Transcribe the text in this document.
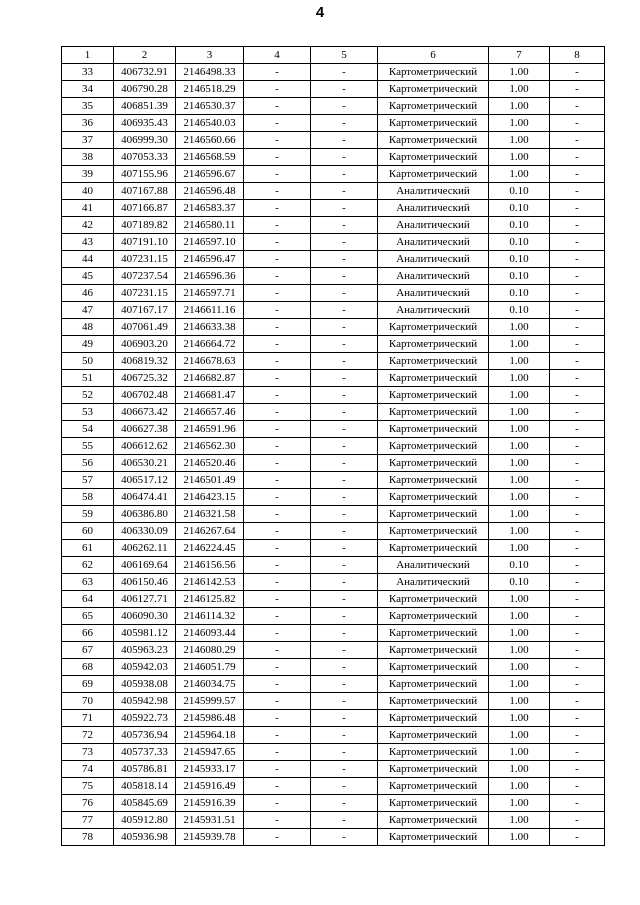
4
1	2	3	4	5	6	7	8
33	406732.91	2146498.33	-	-	Картометрический	1.00	-
34	406790.28	2146518.29	-	-	Картометрический	1.00	-
35	406851.39	2146530.37	-	-	Картометрический	1.00	-
36	406935.43	2146540.03	-	-	Картометрический	1.00	-
37	406999.30	2146560.66	-	-	Картометрический	1.00	-
38	407053.33	2146568.59	-	-	Картометрический	1.00	-
39	407155.96	2146596.67	-	-	Картометрический	1.00	-
40	407167.88	2146596.48	-	-	Аналитический	0.10	-
41	407166.87	2146583.37	-	-	Аналитический	0.10	-
42	407189.82	2146580.11	-	-	Аналитический	0.10	-
43	407191.10	2146597.10	-	-	Аналитический	0.10	-
44	407231.15	2146596.47	-	-	Аналитический	0.10	-
45	407237.54	2146596.36	-	-	Аналитический	0.10	-
46	407231.15	2146597.71	-	-	Аналитический	0.10	-
47	407167.17	2146611.16	-	-	Аналитический	0.10	-
48	407061.49	2146633.38	-	-	Картометрический	1.00	-
49	406903.20	2146664.72	-	-	Картометрический	1.00	-
50	406819.32	2146678.63	-	-	Картометрический	1.00	-
51	406725.32	2146682.87	-	-	Картометрический	1.00	-
52	406702.48	2146681.47	-	-	Картометрический	1.00	-
53	406673.42	2146657.46	-	-	Картометрический	1.00	-
54	406627.38	2146591.96	-	-	Картометрический	1.00	-
55	406612.62	2146562.30	-	-	Картометрический	1.00	-
56	406530.21	2146520.46	-	-	Картометрический	1.00	-
57	406517.12	2146501.49	-	-	Картометрический	1.00	-
58	406474.41	2146423.15	-	-	Картометрический	1.00	-
59	406386.80	2146321.58	-	-	Картометрический	1.00	-
60	406330.09	2146267.64	-	-	Картометрический	1.00	-
61	406262.11	2146224.45	-	-	Картометрический	1.00	-
62	406169.64	2146156.56	-	-	Аналитический	0.10	-
63	406150.46	2146142.53	-	-	Аналитический	0.10	-
64	406127.71	2146125.82	-	-	Картометрический	1.00	-
65	406090.30	2146114.32	-	-	Картометрический	1.00	-
66	405981.12	2146093.44	-	-	Картометрический	1.00	-
67	405963.23	2146080.29	-	-	Картометрический	1.00	-
68	405942.03	2146051.79	-	-	Картометрический	1.00	-
69	405938.08	2146034.75	-	-	Картометрический	1.00	-
70	405942.98	2145999.57	-	-	Картометрический	1.00	-
71	405922.73	2145986.48	-	-	Картометрический	1.00	-
72	405736.94	2145964.18	-	-	Картометрический	1.00	-
73	405737.33	2145947.65	-	-	Картометрический	1.00	-
74	405786.81	2145933.17	-	-	Картометрический	1.00	-
75	405818.14	2145916.49	-	-	Картометрический	1.00	-
76	405845.69	2145916.39	-	-	Картометрический	1.00	-
77	405912.80	2145931.51	-	-	Картометрический	1.00	-
78	405936.98	2145939.78	-	-	Картометрический	1.00	-
